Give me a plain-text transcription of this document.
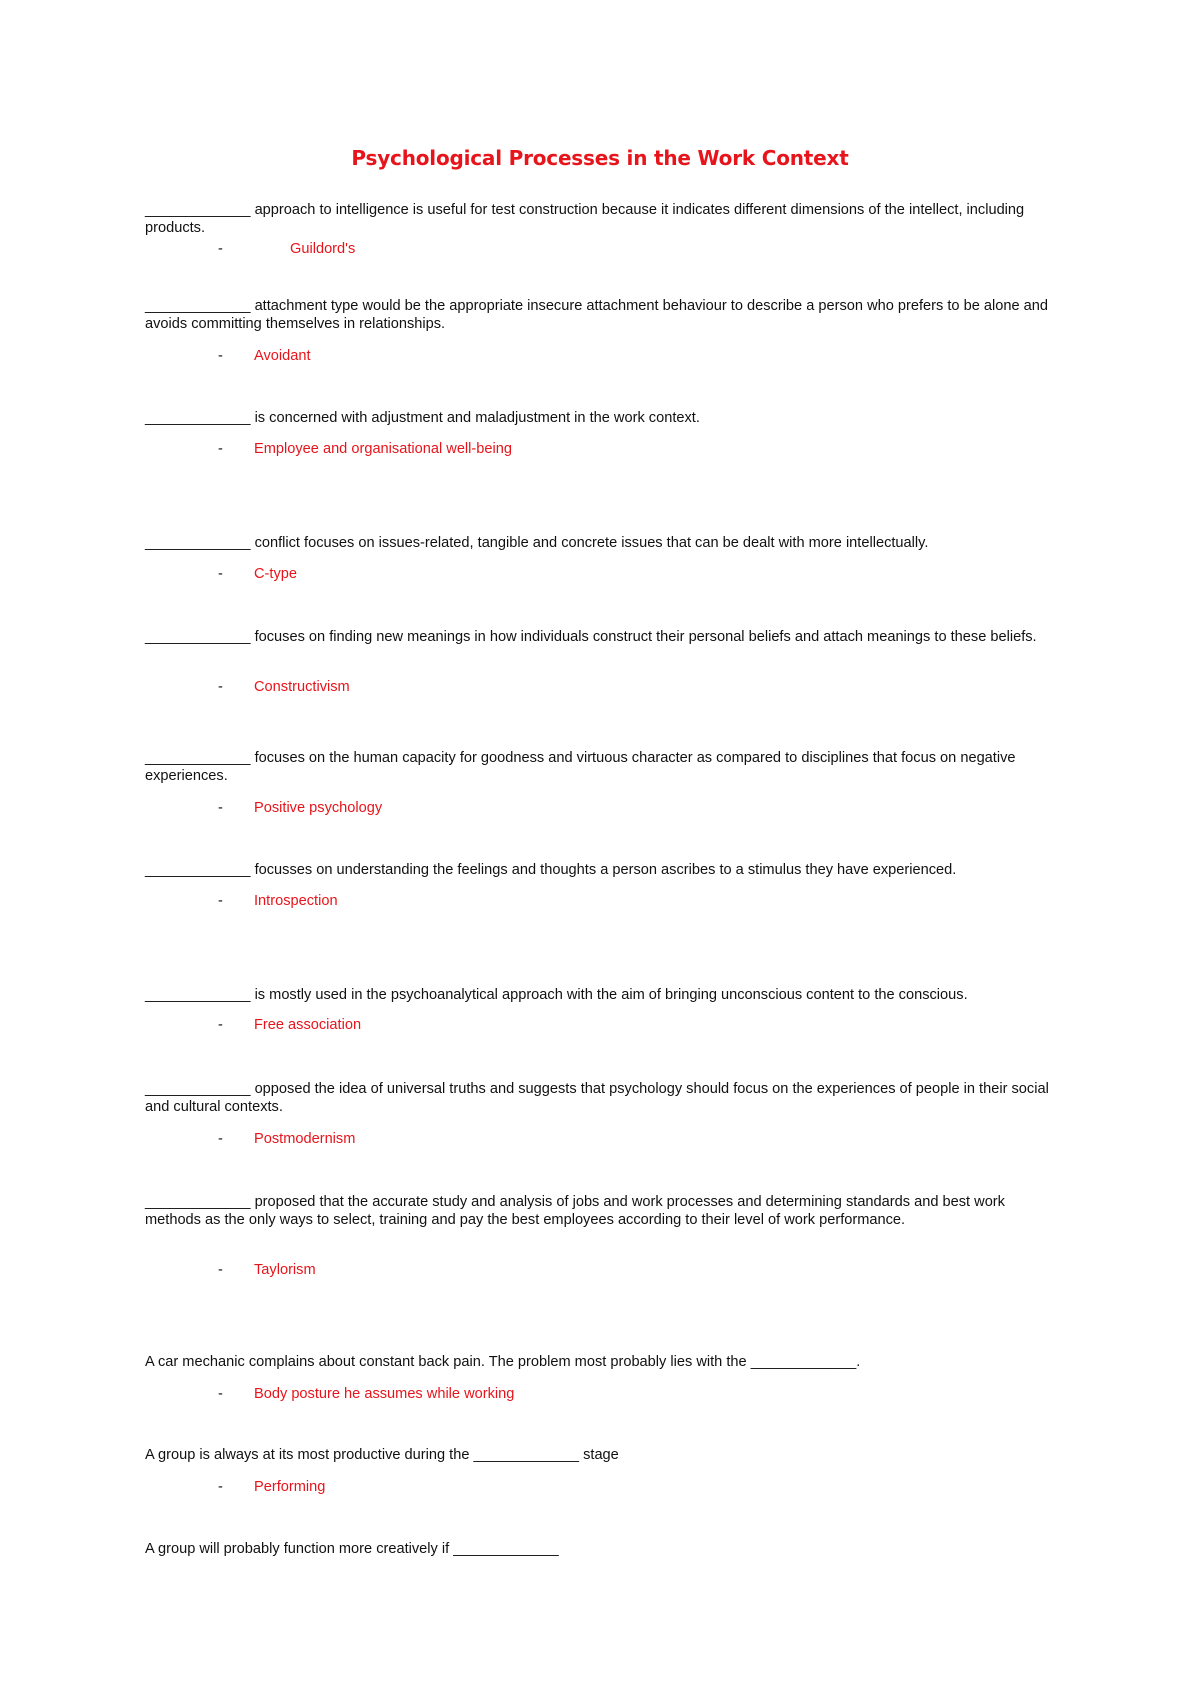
Psychological Processes in the Work Context
_____________ approach to intelligence is useful for test construction because it indicates different dimensions of the intellect, including products.
-	Guildord's
_____________ attachment type would be the appropriate insecure attachment behaviour to describe a person who prefers to be alone and avoids committing themselves in relationships.
- Avoidant
_____________ is concerned with adjustment and maladjustment in the work context.
- Employee and organisational well-being
_____________ conflict focuses on issues-related, tangible and concrete issues that can be dealt with more intellectually.
- C-type
_____________ focuses on finding new meanings in how individuals construct their personal beliefs and attach meanings to these beliefs.
- Constructivism
_____________ focuses on the human capacity for goodness and virtuous character as compared to disciplines that focus on negative experiences.
- Positive psychology
_____________ focusses on understanding the feelings and thoughts a person ascribes to a stimulus they have experienced.
- Introspection
_____________ is mostly used in the psychoanalytical approach with the aim of bringing unconscious content to the conscious.
- Free association
_____________ opposed the idea of universal truths and suggests that psychology should focus on the experiences of people in their social and cultural contexts.
- Postmodernism
_____________ proposed that the accurate study and analysis of jobs and work processes and determining standards and best work methods as the only ways to select, training and pay the best employees according to their level of work performance.
- Taylorism
A car mechanic complains about constant back pain. The problem most probably lies with the _____________.
- Body posture he assumes while working
A group is always at its most productive during the _____________ stage
- Performing
A group will probably function more creatively if _____________
